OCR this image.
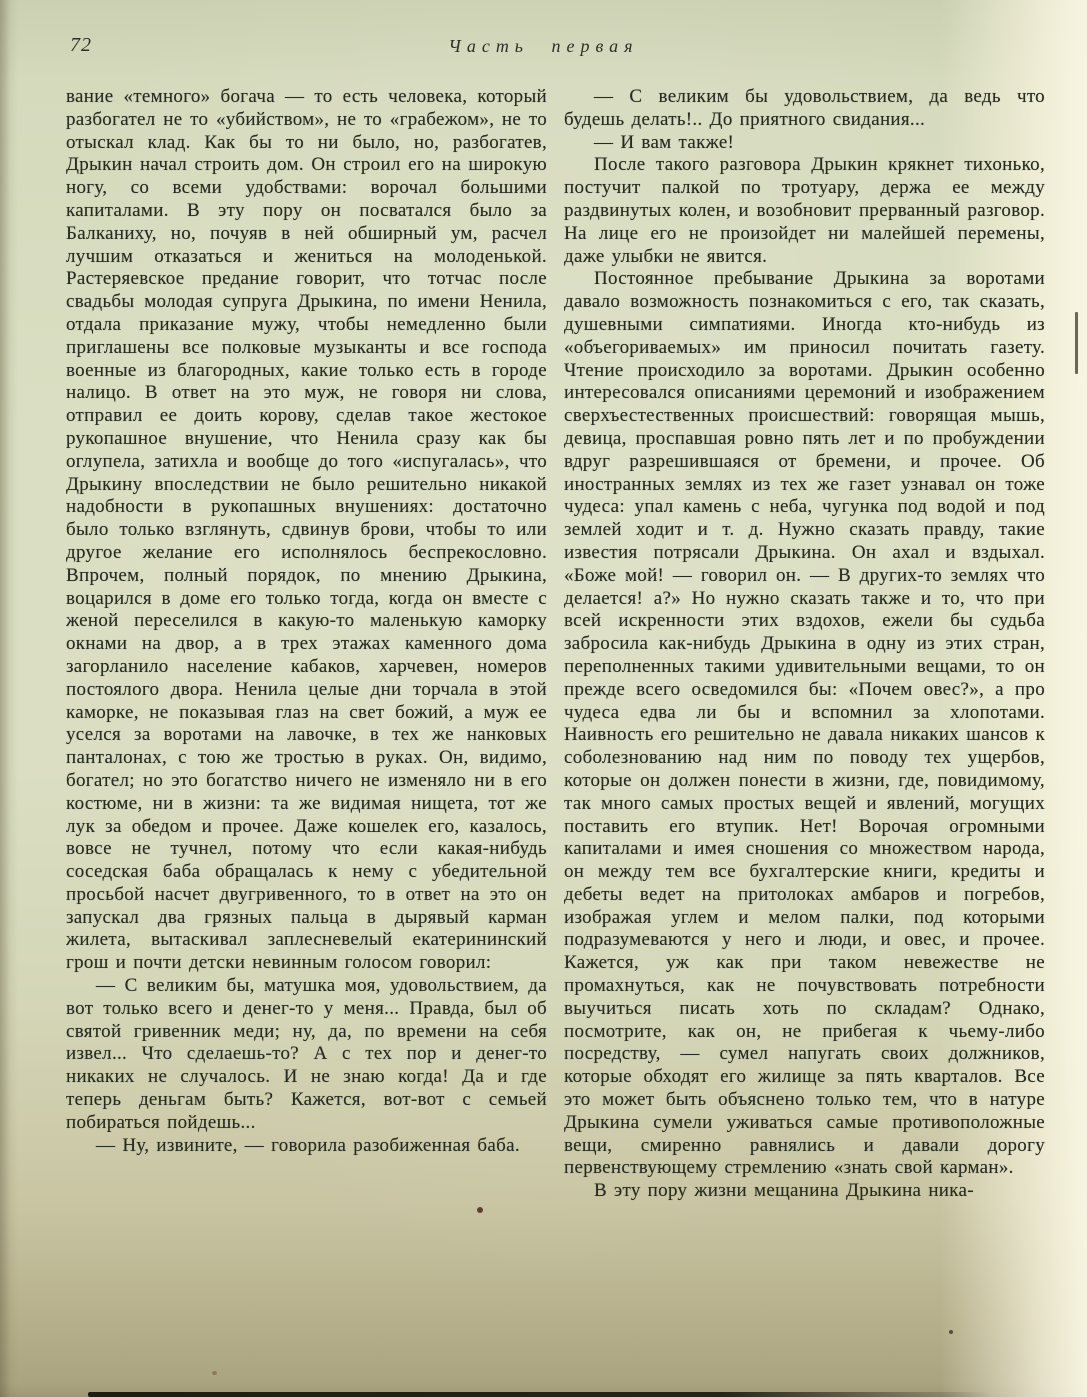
72	Часть первая

вание «темного» богача — то есть человека, который разбогател не то «убийством», не то «грабежом», не то отыскал клад. Как бы то ни было, но, разбогатев, Дрыкин начал строить дом. Он строил его на широкую ногу, со всеми удобствами: ворочал большими капиталами. В эту пору он посватался было за Балканиху, но, почуяв в ней обширный ум, расчел лучшим отказаться и жениться на молоденькой. Растеряевское предание говорит, что тотчас после свадьбы молодая супруга Дрыкина, по имени Ненила, отдала приказание мужу, чтобы немедленно были приглашены все полковые музыканты и все господа военные из благородных, какие только есть в городе налицо. В ответ на это муж, не говоря ни слова, отправил ее доить корову, сделав такое жестокое рукопашное внушение, что Ненила сразу как бы оглупела, затихла и вообще до того «испугалась», что Дрыкину впоследствии не было решительно никакой надобности в рукопашных внушениях: достаточно было только взглянуть, сдвинув брови, чтобы то или другое желание его исполнялось беспрекословно. Впрочем, полный порядок, по мнению Дрыкина, воцарился в доме его только тогда, когда он вместе с женой переселился в какую-то маленькую каморку окнами на двор, а в трех этажах каменного дома загорланило население кабаков, харчевен, номеров постоялого двора. Ненила целые дни торчала в этой каморке, не показывая глаз на свет божий, а муж ее уселся за воротами на лавочке, в тех же нанковых панталонах, с тою же тростью в руках. Он, видимо, богател; но это богатство ничего не изменяло ни в его костюме, ни в жизни: та же видимая нищета, тот же лук за обедом и прочее. Даже кошелек его, казалось, вовсе не тучнел, потому что если какая-нибудь соседская баба обращалась к нему с убедительной просьбой насчет двугривенного, то в ответ на это он запускал два грязных пальца в дырявый карман жилета, вытаскивал заплесневелый екатерининский грош и почти детски невинным голосом говорил:

— С великим бы, матушка моя, удовольствием, да вот только всего и денег-то у меня... Правда, был об святой гривенник меди; ну, да, по времени на себя извел... Что сделаешь-то? А с тех пор и денег-то никаких не случалось. И не знаю когда! Да и где теперь деньгам быть? Кажется, вот-вот с семьей побираться пойдешь...

— Ну, извините, — говорила разобиженная баба.

— С великим бы удовольствием, да ведь что будешь делать!.. До приятного свидания...

— И вам также!

После такого разговора Дрыкин крякнет тихонько, постучит палкой по тротуару, держа ее между раздвинутых колен, и возобновит прерванный разговор. На лице его не произойдет ни малейшей перемены, даже улыбки не явится.

Постоянное пребывание Дрыкина за воротами давало возможность познакомиться с его, так сказать, душевными симпатиями. Иногда кто-нибудь из «объегориваемых» им приносил почитать газету. Чтение происходило за воротами. Дрыкин особенно интересовался описаниями церемоний и изображением сверхъестественных происшествий: говорящая мышь, девица, проспавшая ровно пять лет и по пробуждении вдруг разрешившаяся от бремени, и прочее. Об иностранных землях из тех же газет узнавал он тоже чудеса: упал камень с неба, чугунка под водой и под землей ходит и т. д. Нужно сказать правду, такие известия потрясали Дрыкина. Он ахал и вздыхал. «Боже мой! — говорил он. — В других-то землях что делается! а?» Но нужно сказать также и то, что при всей искренности этих вздохов, ежели бы судьба забросила как-нибудь Дрыкина в одну из этих стран, переполненных такими удивительными вещами, то он прежде всего осведомился бы: «Почем овес?», а про чудеса едва ли бы и вспомнил за хлопотами. Наивность его решительно не давала никаких шансов к соболезнованию над ним по поводу тех ущербов, которые он должен понести в жизни, где, повидимому, так много самых простых вещей и явлений, могущих поставить его втупик. Нет! Ворочая огромными капиталами и имея сношения со множеством народа, он между тем все бухгалтерские книги, кредиты и дебеты ведет на притолоках амбаров и погребов, изображая углем и мелом палки, под которыми подразумеваются у него и люди, и овес, и прочее. Кажется, уж как при таком невежестве не промахнуться, как не почувствовать потребности выучиться писать хоть по складам? Однако, посмотрите, как он, не прибегая к чьему-либо посредству, — сумел напугать своих должников, которые обходят его жилище за пять кварталов. Все это может быть объяснено только тем, что в натуре Дрыкина сумели уживаться самые противоположные вещи, смиренно равнялись и давали дорогу первенствующему стремлению «знать свой карман».

В эту пору жизни мещанина Дрыкина ника-
